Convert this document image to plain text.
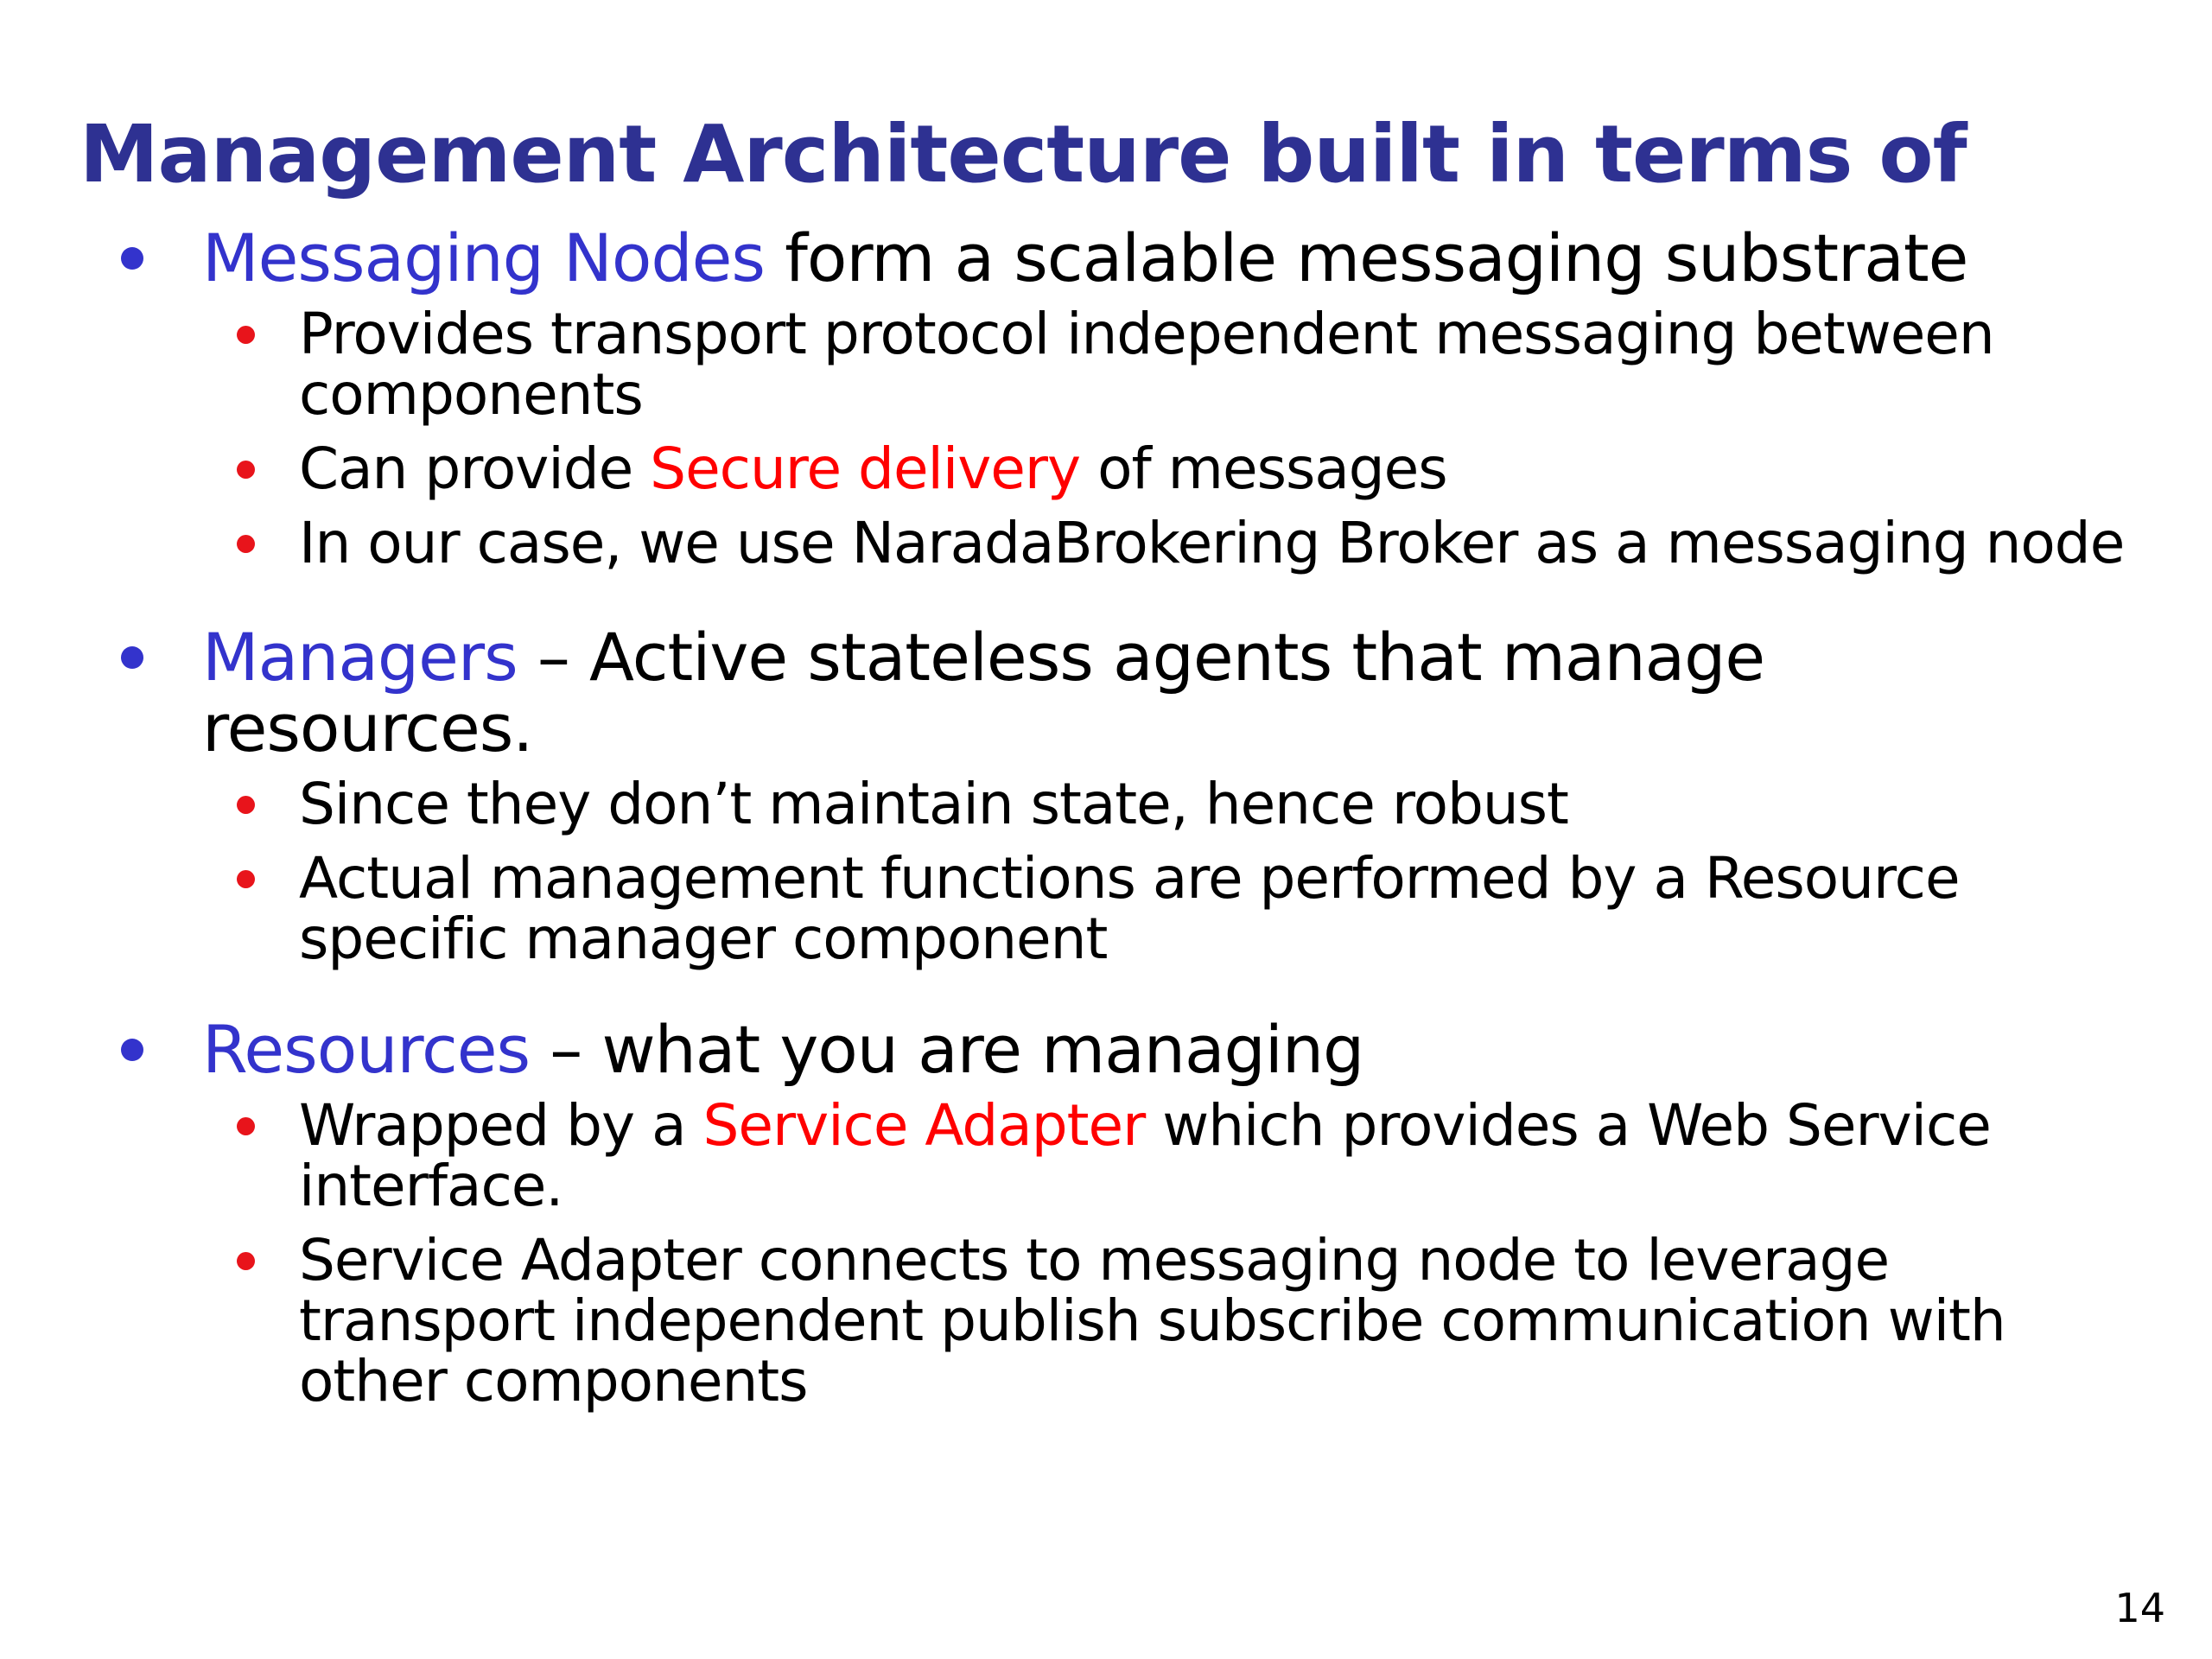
Management Architecture built in terms of
Messaging Nodes form a scalable messaging substrate
Provides transport protocol independent messaging between components
Can provide Secure delivery of messages
In our case, we use NaradaBrokering Broker as a messaging node
Managers – Active stateless agents that manage resources.
Since they don’t maintain state, hence robust
Actual management functions are performed by a Resource specific manager component
Resources – what you are managing
Wrapped by a Service Adapter which provides a Web Service interface.
Service Adapter connects to messaging node to leverage transport independent publish subscribe communication with other components
14
